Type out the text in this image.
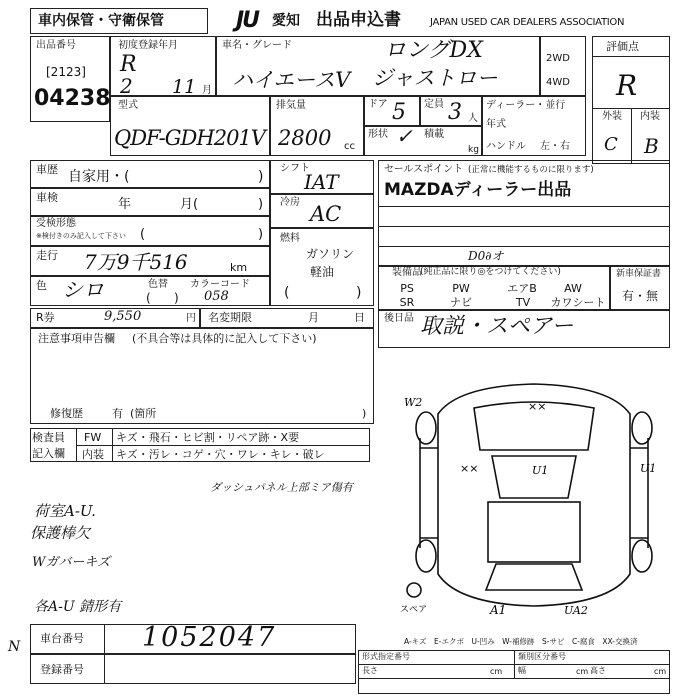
車内保管・守衛保管	JU 愛知 出品申込書	JAPAN USED CAR DEALERS ASSOCIATION
出品番号
[2123]
04238
初度登録年月
R
2 11 月
車名・グレード	ロングDX
ハイエースV ジャストロー
2WD
4WD
評価点
R
外装 内装
C B
型式
QDF-GDH201V
排気量
2800 cc
ドア 5 定員 3 人
ディーラー・並行
年式
ハンドル 左・右
形状 ✓ 積載
kg
車歴 自家用・(	)
車検	年	月(	)
受検形態
※検付きのみ記入して下さい (	)
走行 7万9千516	km
色 シロ	色替
( )
カラーコード
058
シフト
IAT
冷房 AC
燃料
ガソリン
軽油
(	)
セールスポイント (正常に機能するものに限ります)
MAZDAディーラー出品
D0∂オ
装備品
(純正品に限り◎をつけてください)
PS	PW	エアB	AW
SR	ナビ	TV	カワシート
新車保証書
有・無
R券	9,550	円 名変期限	月	日 後日品 取説・スペアー
注意事項申告欄 (不具合等は具体的に記入して下さい)
修復歴	有 (箇所	)
検査員
記入欄
FW キズ・飛石・ヒビ割・リペア跡・X要
内装 キズ・汚レ・コゲ・穴・ワレ・キレ・破レ
ダッシュパネル上部ミア傷有
荷室A-U.
保護棒欠
Wガバーキズ
各A-U 錆形有
W2	××
××	U1	U1
A1	UA2
スペア
A-キズ　E-エクボ　U-凹み　W-補修跡　S-サビ　C-腐食　XX-交換済
車台番号 1052047
登録番号
形式指定番号	類別区分番号
長さ	cm 幅	cm 高さ	cm
N
